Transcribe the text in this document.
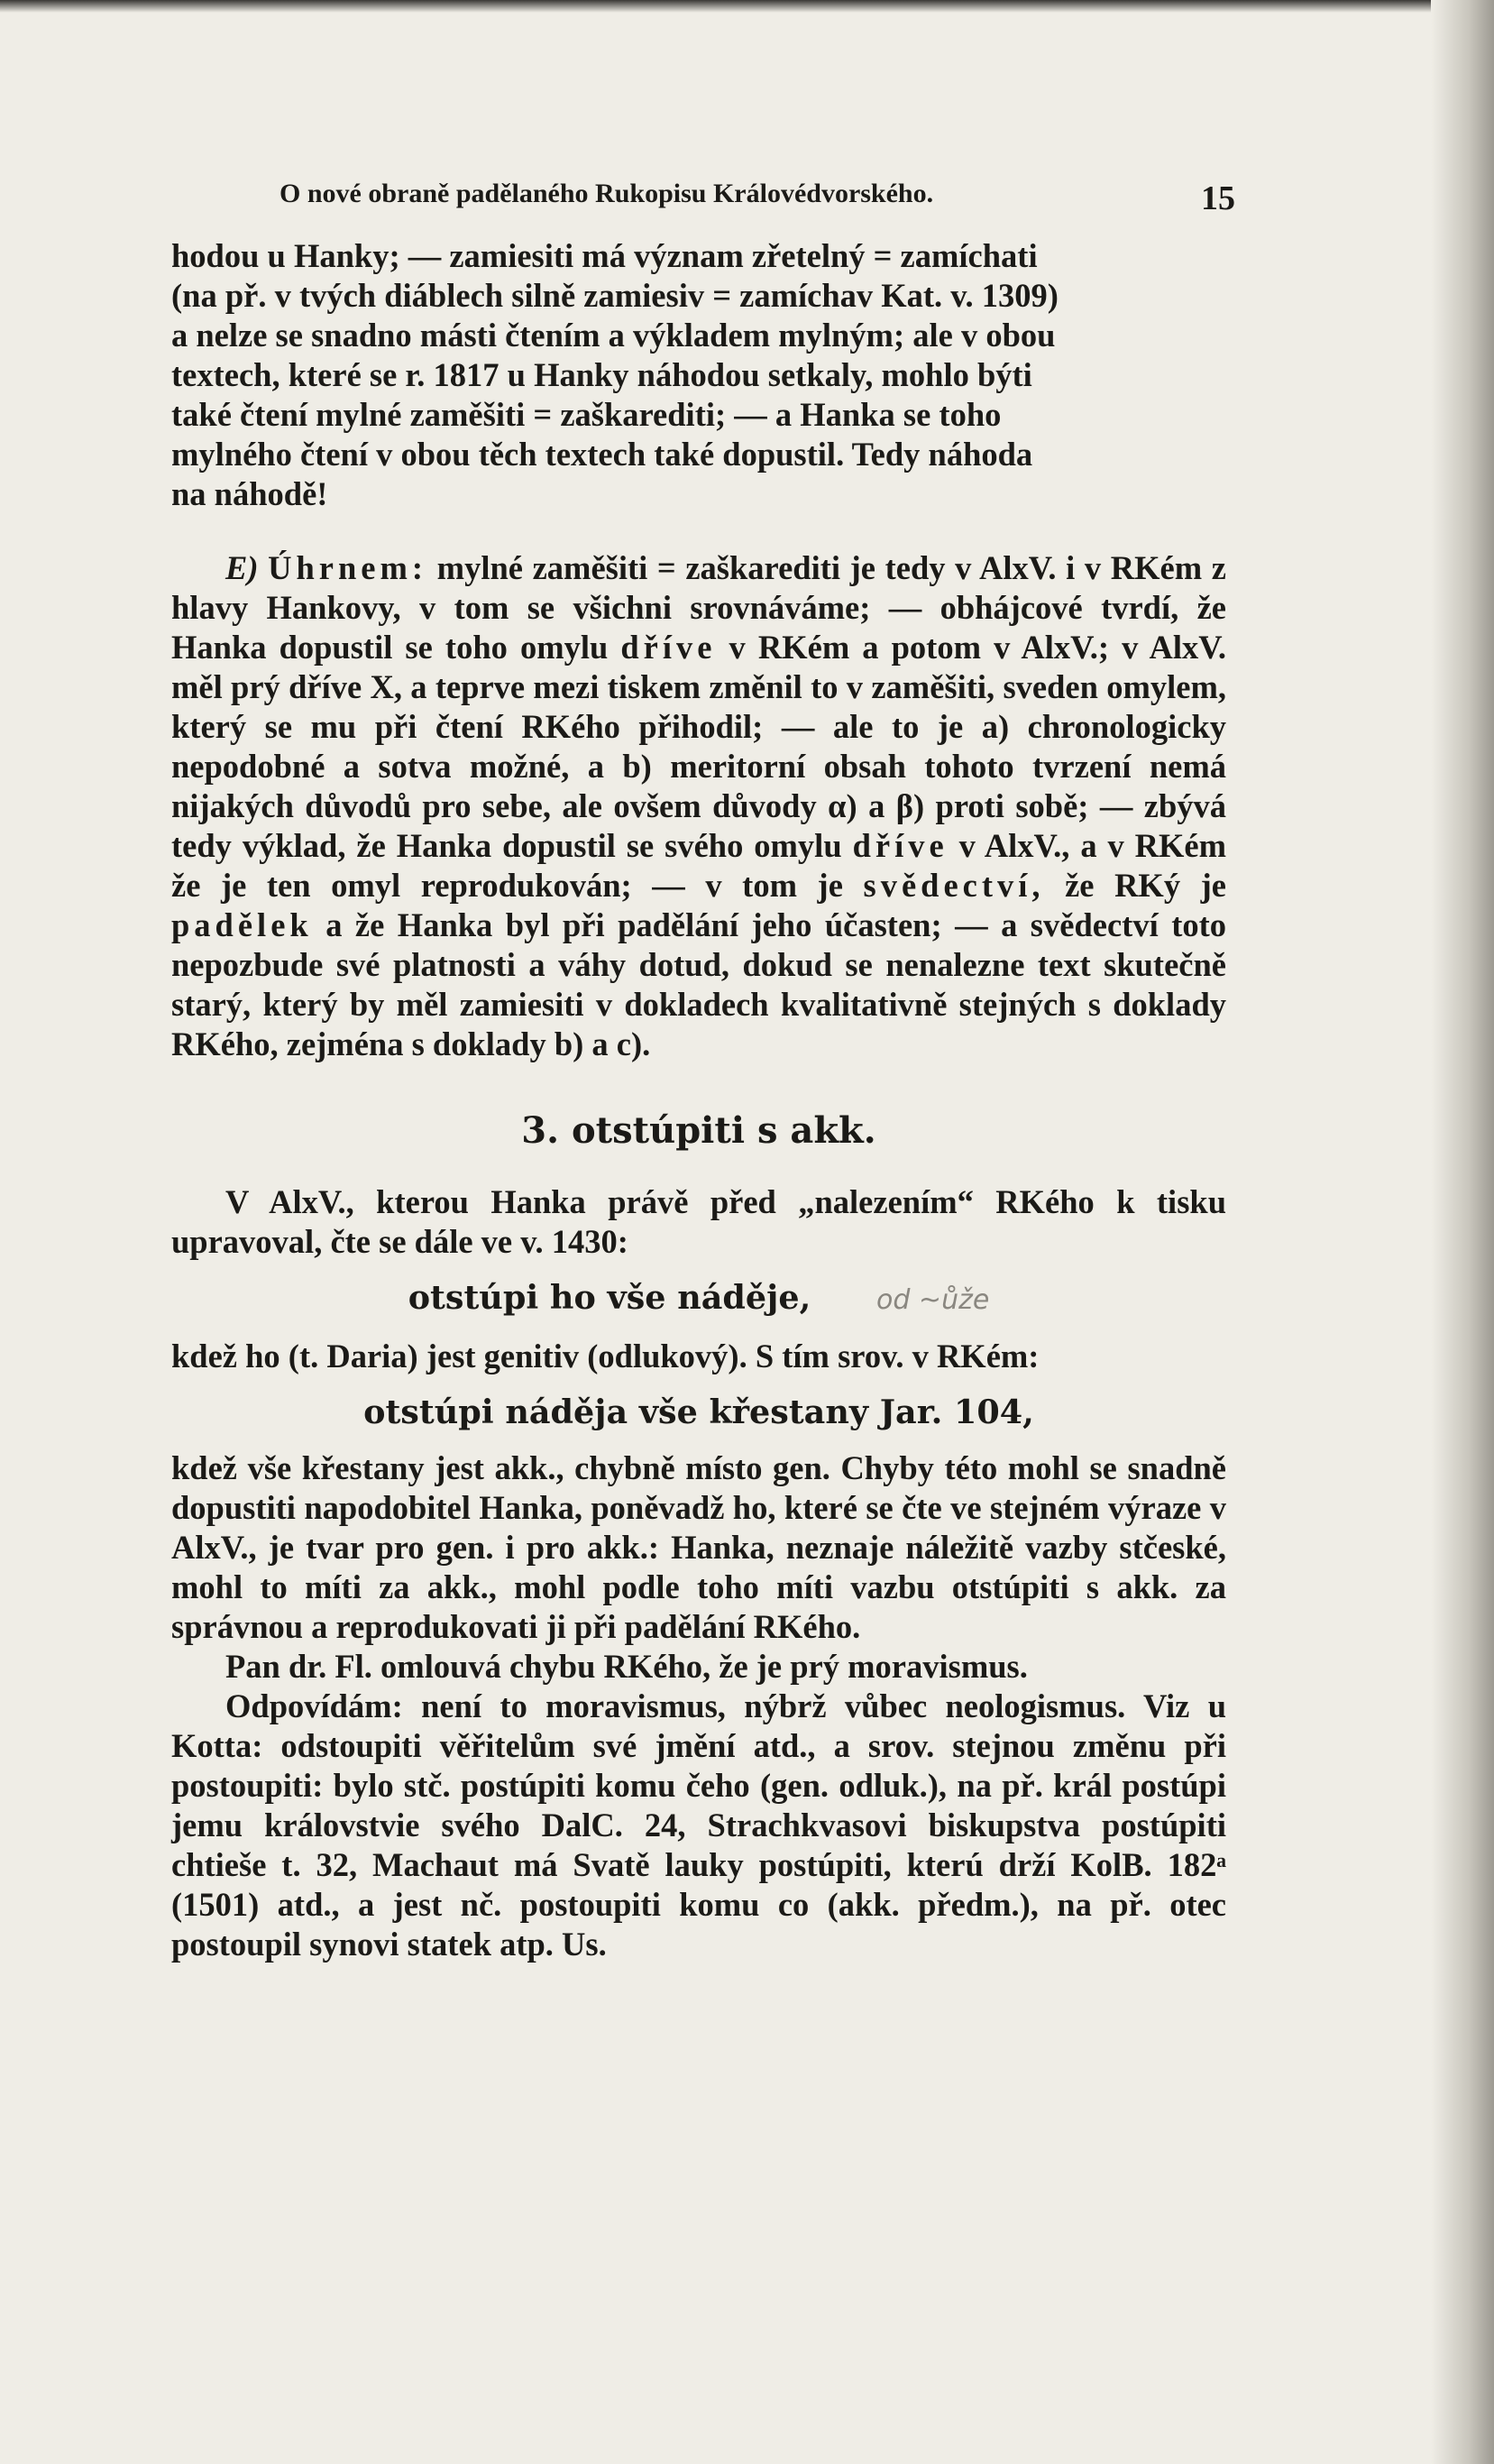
O nové obraně padělaného Rukopisu Královédvorského.	15

hodou u Hanky; — zamiesiti má význam zřetelný = zamíchati

(na př. v tvých diáblech silně zamiesiv = zamíchav Kat. v. 1309)

a nelze se snadno másti čtením a výkladem mylným; ale v obou

textech, které se r. 1817 u Hanky náhodou setkaly, mohlo býti

také čtení mylné zaměšiti = zaškarediti; — a Hanka se toho

mylného čtení v obou těch textech také dopustil. Tedy náhoda

na náhodě!

E) Úhrnem: mylné zaměšiti = zaškarediti je tedy v AlxV. i v RKém z hlavy Hankovy, v tom se všichni srovnáváme; — obhájcové tvrdí, že Hanka dopustil se toho omylu dříve v RKém a potom v AlxV.; v AlxV. měl prý dříve X, a teprve mezi tiskem změnil to v zaměšiti, sveden omylem, který se mu při čtení RKého přihodil; — ale to je a) chronologicky nepodobné a sotva možné, a b) meritorní obsah tohoto tvrzení nemá nijakých důvodů pro sebe, ale ovšem důvody α) a β) proti sobě; — zbývá tedy výklad, že Hanka dopustil se svého omylu dříve v AlxV., a v RKém že je ten omyl reprodukován; — v tom je svědectví, že RKý je padělek a že Hanka byl při padělání jeho účasten; — a svědectví toto nepozbude své platnosti a váhy dotud, dokud se nenalezne text skutečně starý, který by měl zamiesiti v dokladech kvalitativně stejných s doklady RKého, zejména s doklady b) a c).
3. otstúpiti s akk.
V AlxV., kterou Hanka právě před „nalezením“ RKého k tisku upravoval, čte se dále ve v. 1430:
otstúpi ho vše náděje, od ~ůže
kdež ho (t. Daria) jest genitiv (odlukový). S tím srov. v RKém:
otstúpi náděja vše křestany Jar. 104,
kdež vše křestany jest akk., chybně místo gen. Chyby této mohl se snadně dopustiti napodobitel Hanka, poněvadž ho, které se čte ve stejném výraze v AlxV., je tvar pro gen. i pro akk.: Hanka, neznaje náležitě vazby stčeské, mohl to míti za akk., mohl podle toho míti vazbu otstúpiti s akk. za správnou a reprodukovati ji při padělání RKého.
Pan dr. Fl. omlouvá chybu RKého, že je prý moravismus.
Odpovídám: není to moravismus, nýbrž vůbec neologismus. Viz u Kotta: odstoupiti věřitelům své jmění atd., a srov. stejnou změnu při postoupiti: bylo stč. postúpiti komu čeho (gen. odluk.), na př. král postúpi jemu královstvie svého DalC. 24, Strachkvasovi biskupstva postúpiti chtiešе t. 32, Machaut má Svatě lauky postúpiti, kterú drží KolB. 182ᵃ (1501) atd., a jest nč. postoupiti komu co (akk. předm.), na př. otec postoupil synovi statek atp. Us.
